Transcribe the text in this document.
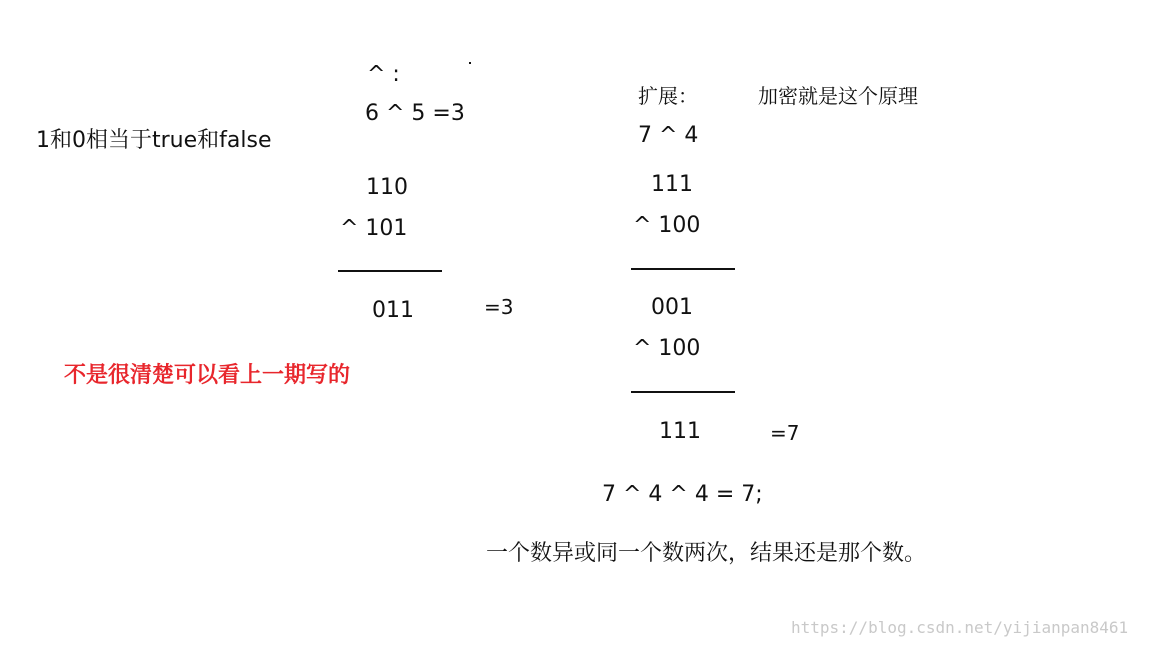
1和0相当于true和false
不是很清楚可以看上一期写的
^ :
6 ^ 5 =3
110
^ 101
011	=3
扩展：	加密就是这个原理
7 ^ 4
111
^ 100
001
^ 100
111	=7
7 ^ 4 ^ 4 = 7;
一个数异或同一个数两次，结果还是那个数。
https://blog.csdn.net/yijianpan8461
